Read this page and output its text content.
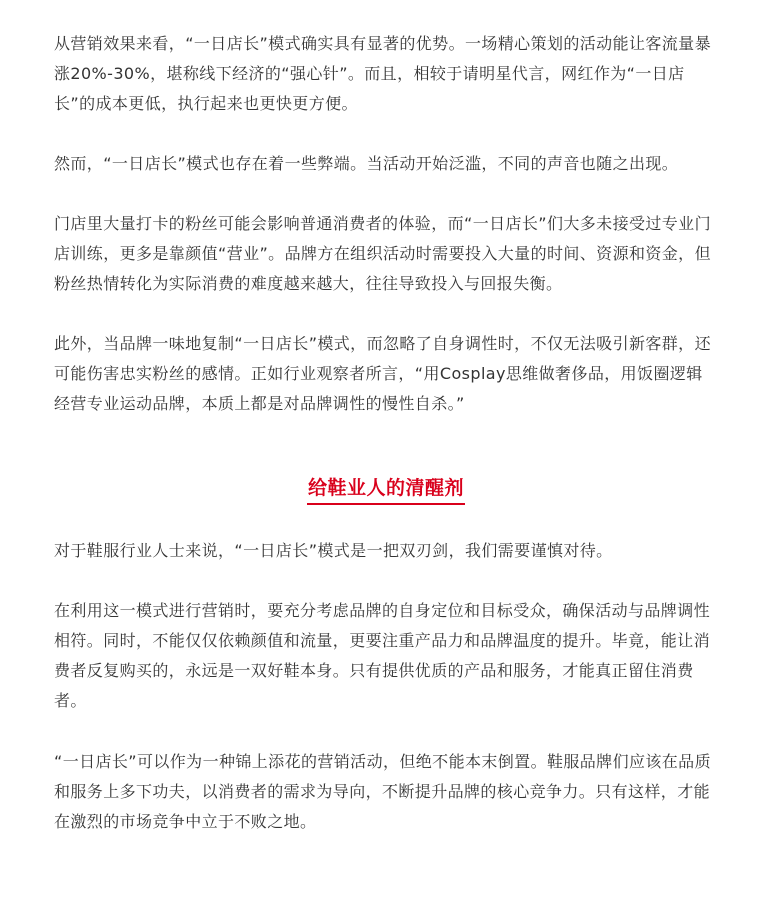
从营销效果来看，“一日店长”模式确实具有显著的优势。一场精心策划的活动能让客流量暴涨20%-30%，堪称线下经济的“强心针”。而且，相较于请明星代言，网红作为“一日店长”的成本更低，执行起来也更快更方便。

然而，“一日店长”模式也存在着一些弊端。当活动开始泛滥，不同的声音也随之出现。

门店里大量打卡的粉丝可能会影响普通消费者的体验，而“一日店长”们大多未接受过专业门店训练，更多是靠颜值“营业”。品牌方在组织活动时需要投入大量的时间、资源和资金，但粉丝热情转化为实际消费的难度越来越大，往往导致投入与回报失衡。

此外，当品牌一味地复制“一日店长”模式，而忽略了自身调性时，不仅无法吸引新客群，还可能伤害忠实粉丝的感情。正如行业观察者所言，“用Cosplay思维做奢侈品，用饭圈逻辑经营专业运动品牌，本质上都是对品牌调性的慢性自杀。”

给鞋业人的清醒剂

对于鞋服行业人士来说，“一日店长”模式是一把双刃剑，我们需要谨慎对待。

在利用这一模式进行营销时，要充分考虑品牌的自身定位和目标受众，确保活动与品牌调性相符。同时，不能仅仅依赖颜值和流量，更要注重产品力和品牌温度的提升。毕竟，能让消费者反复购买的，永远是一双好鞋本身。只有提供优质的产品和服务，才能真正留住消费者。

“一日店长”可以作为一种锦上添花的营销活动，但绝不能本末倒置。鞋服品牌们应该在品质和服务上多下功夫，以消费者的需求为导向，不断提升品牌的核心竞争力。只有这样，才能在激烈的市场竞争中立于不败之地。
